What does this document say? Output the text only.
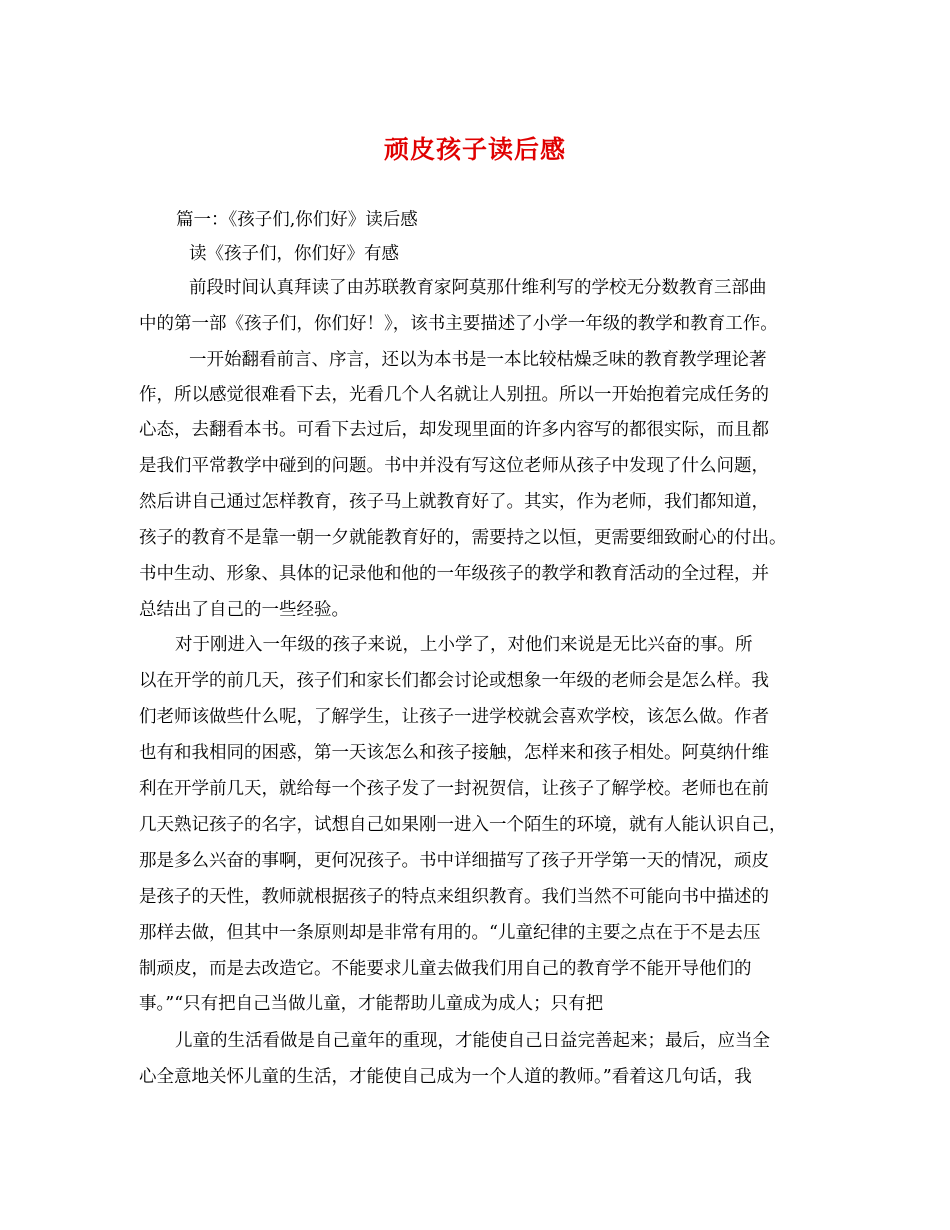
顽皮孩子读后感
篇一：《孩子们,你们好》读后感
读《孩子们，你们好》有感
前段时间认真拜读了由苏联教育家阿莫那什维利写的学校无分数教育三部曲
中的第一部《孩子们，你们好！》，该书主要描述了小学一年级的教学和教育工作。
一开始翻看前言、序言，还以为本书是一本比较枯燥乏味的教育教学理论著
作，所以感觉很难看下去，光看几个人名就让人别扭。所以一开始抱着完成任务的
心态，去翻看本书。可看下去过后，却发现里面的许多内容写的都很实际，而且都
是我们平常教学中碰到的问题。书中并没有写这位老师从孩子中发现了什么问题，
然后讲自己通过怎样教育，孩子马上就教育好了。其实，作为老师，我们都知道，
孩子的教育不是靠一朝一夕就能教育好的，需要持之以恒，更需要细致耐心的付出。
书中生动、形象、具体的记录他和他的一年级孩子的教学和教育活动的全过程，并
总结出了自己的一些经验。
对于刚进入一年级的孩子来说，上小学了，对他们来说是无比兴奋的事。所
以在开学的前几天，孩子们和家长们都会讨论或想象一年级的老师会是怎么样。我
们老师该做些什么呢，了解学生，让孩子一进学校就会喜欢学校，该怎么做。作者
也有和我相同的困惑，第一天该怎么和孩子接触，怎样来和孩子相处。阿莫纳什维
利在开学前几天，就给每一个孩子发了一封祝贺信，让孩子了解学校。老师也在前
几天熟记孩子的名字，试想自己如果刚一进入一个陌生的环境，就有人能认识自己，
那是多么兴奋的事啊，更何况孩子。书中详细描写了孩子开学第一天的情况，顽皮
是孩子的天性，教师就根据孩子的特点来组织教育。我们当然不可能向书中描述的
那样去做，但其中一条原则却是非常有用的。“儿童纪律的主要之点在于不是去压
制顽皮，而是去改造它。不能要求儿童去做我们用自己的教育学不能开导他们的
事。”“只有把自己当做儿童，才能帮助儿童成为成人；只有把
儿童的生活看做是自己童年的重现，才能使自己日益完善起来；最后，应当全
心全意地关怀儿童的生活，才能使自己成为一个人道的教师。”看着这几句话，我
